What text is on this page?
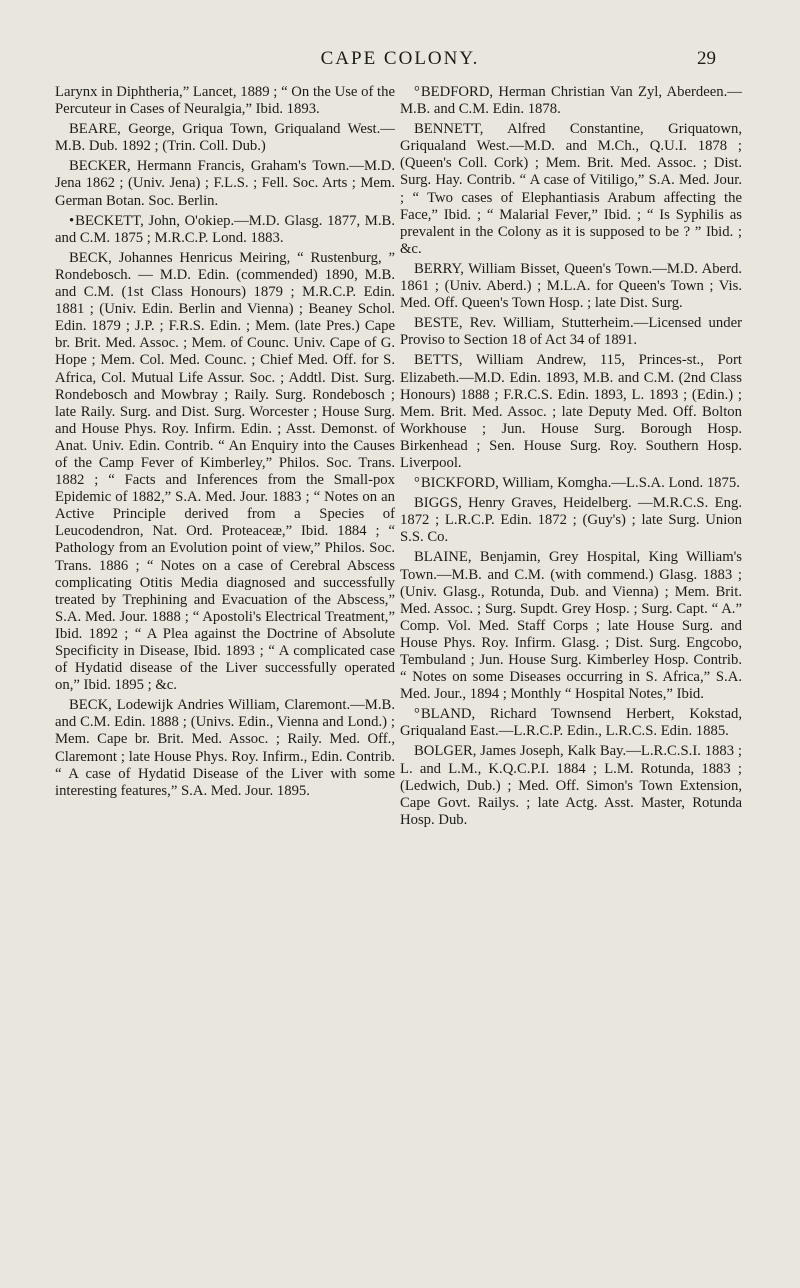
CAPE COLONY.	29

Larynx in Diphtheria,” Lancet, 1889 ; “ On the Use of the Percuteur in Cases of Neuralgia,” Ibid. 1893.

BEARE, George, Griqua Town, Griqualand West.—M.B. Dub. 1892 ; (Trin. Coll. Dub.)

BECKER, Hermann Francis, Graham's Town.—M.D. Jena 1862 ; (Univ. Jena) ; F.L.S. ; Fell. Soc. Arts ; Mem. German Botan. Soc. Berlin.

•BECKETT, John, O'okiep.—M.D. Glasg. 1877, M.B. and C.M. 1875 ; M.R.C.P. Lond. 1883.

BECK, Johannes Henricus Meiring, “ Rustenburg, ” Rondebosch. — M.D. Edin. (commended) 1890, M.B. and C.M. (1st Class Honours) 1879 ; M.R.C.P. Edin. 1881 ; (Univ. Edin. Berlin and Vienna) ; Beaney Schol. Edin. 1879 ; J.P. ; F.R.S. Edin. ; Mem. (late Pres.) Cape br. Brit. Med. Assoc. ; Mem. of Counc. Univ. Cape of G. Hope ; Mem. Col. Med. Counc. ; Chief Med. Off. for S. Africa, Col. Mutual Life Assur. Soc. ; Addtl. Dist. Surg. Rondebosch and Mowbray ; Raily. Surg. Rondebosch ; late Raily. Surg. and Dist. Surg. Worcester ; House Surg. and House Phys. Roy. Infirm. Edin. ; Asst. Demonst. of Anat. Univ. Edin. Contrib. “ An Enquiry into the Causes of the Camp Fever of Kimberley,” Philos. Soc. Trans. 1882 ; “ Facts and Inferences from the Small-pox Epidemic of 1882,” S.A. Med. Jour. 1883 ; “ Notes on an Active Principle derived from a Species of Leucodendron, Nat. Ord. Proteaceæ,” Ibid. 1884 ; “ Pathology from an Evolution point of view,” Philos. Soc. Trans. 1886 ; “ Notes on a case of Cerebral Abscess complicating Otitis Media diagnosed and successfully treated by Trephining and Evacuation of the Abscess,” S.A. Med. Jour. 1888 ; “ Apostoli's Electrical Treatment,” Ibid. 1892 ; “ A Plea against the Doctrine of Absolute Specificity in Disease, Ibid. 1893 ; “ A complicated case of Hydatid disease of the Liver successfully operated on,” Ibid. 1895 ; &c.

BECK, Lodewijk Andries William, Claremont.—M.B. and C.M. Edin. 1888 ; (Univs. Edin., Vienna and Lond.) ; Mem. Cape br. Brit. Med. Assoc. ; Raily. Med. Off., Claremont ; late House Phys. Roy. Infirm., Edin. Contrib. “ A case of Hydatid Disease of the Liver with some interesting features,” S.A. Med. Jour. 1895.

°BEDFORD, Herman Christian Van Zyl, Aberdeen.—M.B. and C.M. Edin. 1878.

BENNETT, Alfred Constantine, Griquatown, Griqualand West.—M.D. and M.Ch., Q.U.I. 1878 ; (Queen's Coll. Cork) ; Mem. Brit. Med. Assoc. ; Dist. Surg. Hay. Contrib. “ A case of Vitiligo,” S.A. Med. Jour. ; “ Two cases of Elephantiasis Arabum affecting the Face,” Ibid. ; “ Malarial Fever,” Ibid. ; “ Is Syphilis as prevalent in the Colony as it is supposed to be ? ” Ibid. ; &c.

BERRY, William Bisset, Queen's Town.—M.D. Aberd. 1861 ; (Univ. Aberd.) ; M.L.A. for Queen's Town ; Vis. Med. Off. Queen's Town Hosp. ; late Dist. Surg.

BESTE, Rev. William, Stutterheim.—Licensed under Proviso to Section 18 of Act 34 of 1891.

BETTS, William Andrew, 115, Princes-st., Port Elizabeth.—M.D. Edin. 1893, M.B. and C.M. (2nd Class Honours) 1888 ; F.R.C.S. Edin. 1893, L. 1893 ; (Edin.) ; Mem. Brit. Med. Assoc. ; late Deputy Med. Off. Bolton Workhouse ; Jun. House Surg. Borough Hosp. Birkenhead ; Sen. House Surg. Roy. Southern Hosp. Liverpool.

°BICKFORD, William, Komgha.—L.S.A. Lond. 1875.

BIGGS, Henry Graves, Heidelberg. —M.R.C.S. Eng. 1872 ; L.R.C.P. Edin. 1872 ; (Guy's) ; late Surg. Union S.S. Co.

BLAINE, Benjamin, Grey Hospital, King William's Town.—M.B. and C.M. (with commend.) Glasg. 1883 ; (Univ. Glasg., Rotunda, Dub. and Vienna) ; Mem. Brit. Med. Assoc. ; Surg. Supdt. Grey Hosp. ; Surg. Capt. “ A.” Comp. Vol. Med. Staff Corps ; late House Surg. and House Phys. Roy. Infirm. Glasg. ; Dist. Surg. Engcobo, Tembuland ; Jun. House Surg. Kimberley Hosp. Contrib. “ Notes on some Diseases occurring in S. Africa,” S.A. Med. Jour., 1894 ; Monthly “ Hospital Notes,” Ibid.

°BLAND, Richard Townsend Herbert, Kokstad, Griqualand East.—L.R.C.P. Edin., L.R.C.S. Edin. 1885.

BOLGER, James Joseph, Kalk Bay.—L.R.C.S.I. 1883 ; L. and L.M., K.Q.C.P.I. 1884 ; L.M. Rotunda, 1883 ; (Ledwich, Dub.) ; Med. Off. Simon's Town Extension, Cape Govt. Railys. ; late Actg. Asst. Master, Rotunda Hosp. Dub.
